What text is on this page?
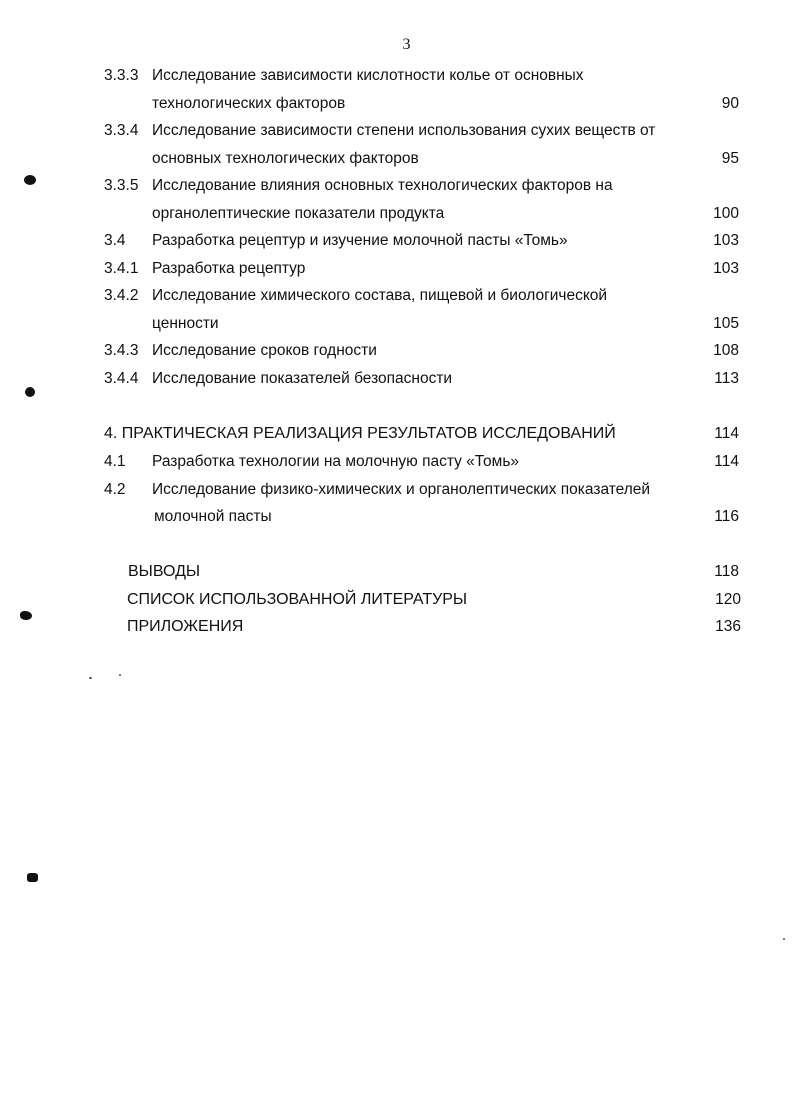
3
3.3.3 Исследование зависимости кислотности колье от основных
технологических факторов	90
3.3.4 Исследование зависимости степени использования сухих веществ от
основных технологических факторов	95
3.3.5 Исследование влияния основных технологических факторов на
органолептические показатели продукта	100
3.4 Разработка рецептур и изучение молочной пасты «Томь»	103
3.4.1 Разработка рецептур	103
3.4.2 Исследование химического состава, пищевой и биологической
ценности	105
3.4.3 Исследование сроков годности	108
3.4.4 Исследование показателей безопасности	113
4. ПРАКТИЧЕСКАЯ РЕАЛИЗАЦИЯ РЕЗУЛЬТАТОВ ИССЛЕДОВАНИЙ	114
4.1 Разработка технологии на молочную пасту «Томь»	114
4.2 Исследование физико-химических и органолептических показателей
молочной пасты	116
ВЫВОДЫ	118
СПИСОК ИСПОЛЬЗОВАННОЙ ЛИТЕРАТУРЫ	120
ПРИЛОЖЕНИЯ	136
